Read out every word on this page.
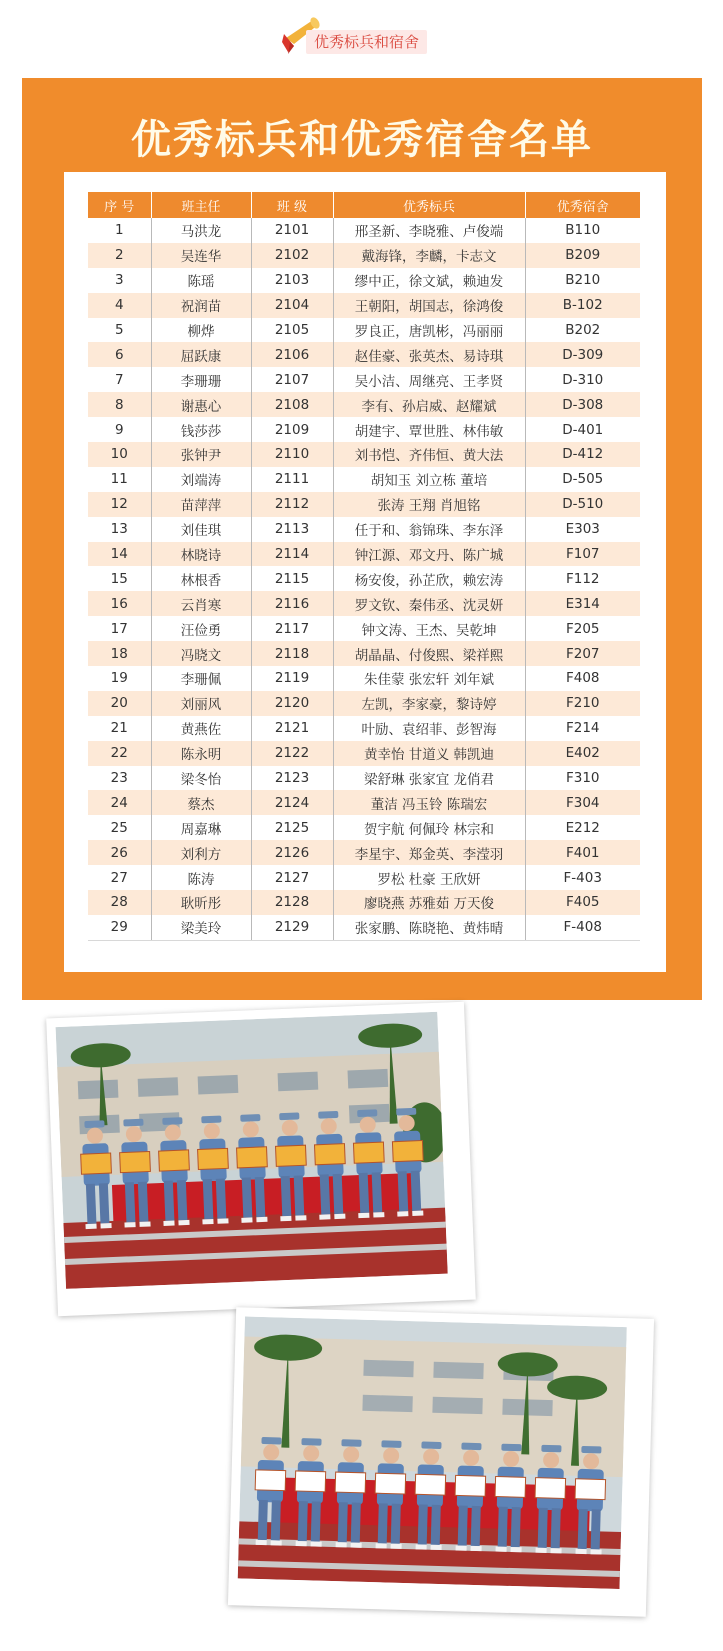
优秀标兵和宿舍
优秀标兵和优秀宿舍名单
序 号	班主任	班 级	优秀标兵	优秀宿舍
1	马洪龙	2101	邢圣新、李晓雅、卢俊端	B110
2	吴连华	2102	戴海锋，李麟，卡志文	B209
3	陈瑶	2103	缪中正，徐文斌，赖迪发	B210
4	祝润苗	2104	王朝阳，胡国志，徐鸿俊	B-102
5	柳烨	2105	罗良正，唐凯彬，冯丽丽	B202
6	屈跃康	2106	赵佳豪、张英杰、易诗琪	D-309
7	李珊珊	2107	吴小洁、周继亮、王孝贤	D-310
8	谢惠心	2108	李有、孙启威、赵耀斌	D-308
9	钱莎莎	2109	胡建宇、覃世胜、林伟敏	D-401
10	张钟尹	2110	刘书恺、齐伟恒、黄大法	D-412
11	刘端涛	2111	胡知玉 刘立栋 董培	D-505
12	苗萍萍	2112	张涛 王翔 肖旭铭	D-510
13	刘佳琪	2113	任于和、翁锦珠、李东泽	E303
14	林晓诗	2114	钟江源、邓文丹、陈广城	F107
15	林根香	2115	杨安俊，孙芷欣，赖宏涛	F112
16	云肖寒	2116	罗文钦、秦伟丞、沈灵妍	E314
17	汪俭勇	2117	钟文涛、王杰、吴乾坤	F205
18	冯晓文	2118	胡晶晶、付俊熙、梁祥熙	F207
19	李珊佩	2119	朱佳蒙 张宏轩 刘年斌	F408
20	刘丽风	2120	左凯，李家豪，黎诗婷	F210
21	黄燕佐	2121	叶励、袁绍菲、彭智海	F214
22	陈永明	2122	黄幸怡 甘道义 韩凯迪	E402
23	梁冬怡	2123	梁舒琳 张家宜 龙俏君	F310
24	蔡杰	2124	董洁 冯玉铃 陈瑞宏	F304
25	周嘉琳	2125	贺宇航 何佩玲 林宗和	E212
26	刘利方	2126	李星宇、郑金英、李滢羽	F401
27	陈涛	2127	罗松 杜豪 王欣妍	F-403
28	耿昕彤	2128	廖晓燕 苏雅茹 万天俊	F405
29	梁美玲	2129	张家鹏、陈晓艳、黄炜晴	F-408
